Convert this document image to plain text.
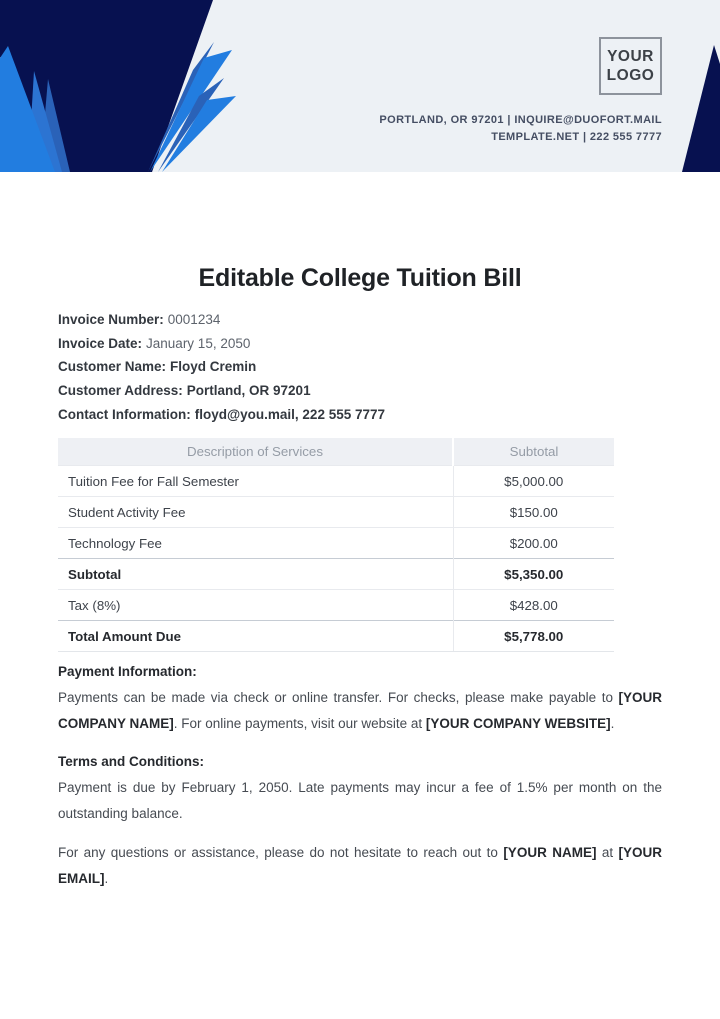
YOUR
LOGO
PORTLAND, OR 97201 | INQUIRE@DUOFORT.MAIL
TEMPLATE.NET | 222 555 7777
Editable College Tuition Bill

Invoice Number: 0001234

Invoice Date: January 15, 2050

Customer Name: Floyd Cremin

Customer Address: Portland, OR 97201

Contact Information: floyd@you.mail, 222 555 7777

Description of Services	Subtotal
Tuition Fee for Fall Semester	$5,000.00
Student Activity Fee	$150.00
Technology Fee	$200.00
Subtotal	$5,350.00
Tax (8%)	$428.00
Total Amount Due	$5,778.00
Payment Information:

Payments can be made via check or online transfer. For checks, please make payable to [YOUR COMPANY NAME]. For online payments, visit our website at [YOUR COMPANY WEBSITE].

Terms and Conditions:

Payment is due by February 1, 2050. Late payments may incur a fee of 1.5% per month on the outstanding balance.

For any questions or assistance, please do not hesitate to reach out to [YOUR NAME] at [YOUR EMAIL].
